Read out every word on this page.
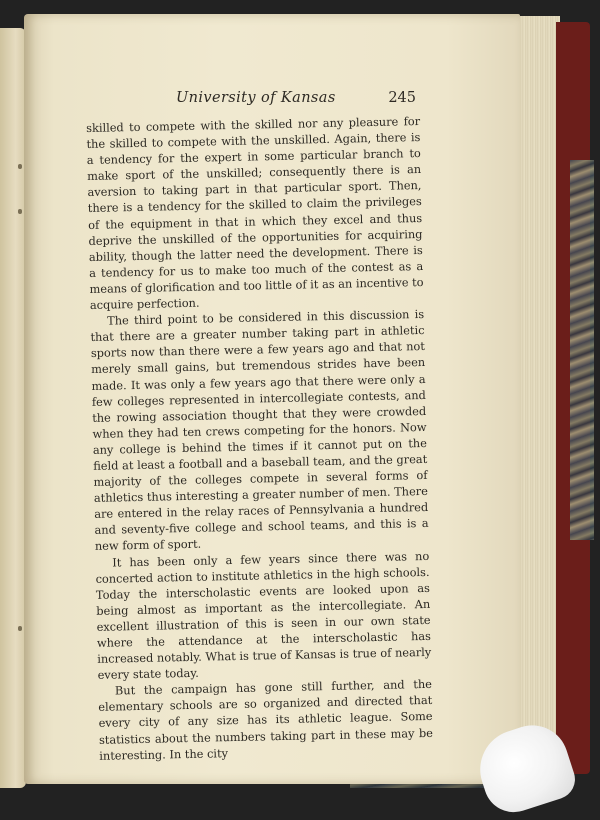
University of Kansas	245

skilled to compete with the skilled nor any pleasure for the skilled to compete with the unskilled. Again, there is a tendency for the expert in some particular branch to make sport of the unskilled; consequently there is an aversion to taking part in that particular sport. Then, there is a tendency for the skilled to claim the privileges of the equipment in that in which they excel and thus deprive the unskilled of the opportunities for acquiring ability, though the latter need the development. There is a tendency for us to make too much of the contest as a means of glorification and too little of it as an incentive to acquire perfection.

The third point to be considered in this discussion is that there are a greater number taking part in athletic sports now than there were a few years ago and that not merely small gains, but tremendous strides have been made. It was only a few years ago that there were only a few colleges represented in intercollegiate contests, and the rowing association thought that they were crowded when they had ten crews competing for the honors. Now any college is behind the times if it cannot put on the field at least a football and a baseball team, and the great majority of the colleges compete in several forms of athletics thus interesting a greater number of men. There are entered in the relay races of Pennsylvania a hundred and seventy-five college and school teams, and this is a new form of sport.

It has been only a few years since there was no concerted action to institute athletics in the high schools. Today the interscholastic events are looked upon as being almost as important as the intercollegiate. An excellent illustration of this is seen in our own state where the attendance at the interscholastic has increased notably. What is true of Kansas is true of nearly every state today.

But the campaign has gone still further, and the elementary schools are so organized and directed that every city of any size has its athletic league. Some statistics about the numbers taking part in these may be interesting. In the city
